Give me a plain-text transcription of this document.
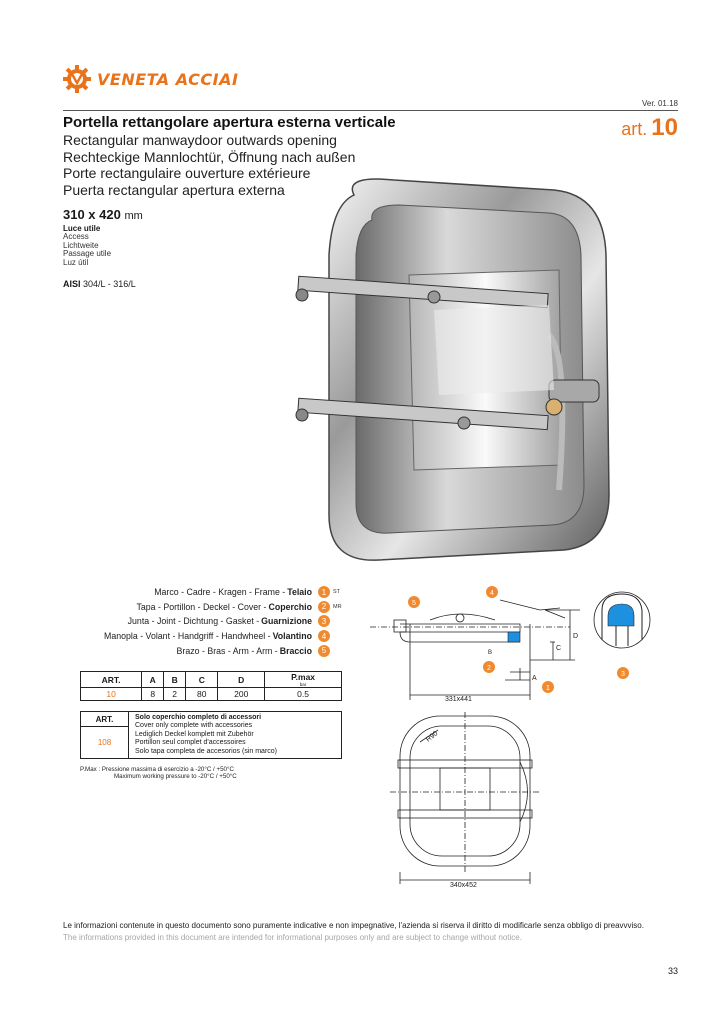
VENETA ACCIAI
Ver. 01.18
art. 10
Portella rettangolare apertura esterna verticale
Rectangular manwaydoor outwards opening
Rechteckige Mannlochtür, Öffnung nach außen
Porte rectangulaire ouverture extérieure
Puerta rectangular apertura externa
310 x 420 mm
Luce utile
Access
Lichtweite
Passage utile
Luz útil
AISI 304/L - 316/L
Marco - Cadre - Kragen - Frame - Telaio	1	ST
Tapa - Portillon - Deckel - Cover - Coperchio	2	MR
Junta - Joint - Dichtung - Gasket - Guarnizione	3
Manopla - Volant - Handgriff - Handwheel - Volantino	4
Brazo - Bras - Arm - Arm - Braccio	5
ART.	A	B	C	D	P.max
bar

10	8	2	80	200	0.5
ART.	Solo coperchio completo di accessori
Cover only complete with accessories
Lediglich Deckel komplett mit Zubehör
Portillon seul complet d'accessoires
Solo tapa completa de accesorios (sin marco)
108
P.Max : Pressione massima di esercizio a -20°C / +50°C
Maximum working pressure to -20°C / +50°C
331x441
C
D
A
B
5
4
2
1
3
R90
340x452
Le informazioni contenute in questo documento sono puramente indicative e non impegnative, l'azienda si riserva il diritto di modificarle senza obbligo di preavvviso.
The informations provided in this document are intended for informational purposes only and are subject to change without notice.
33
